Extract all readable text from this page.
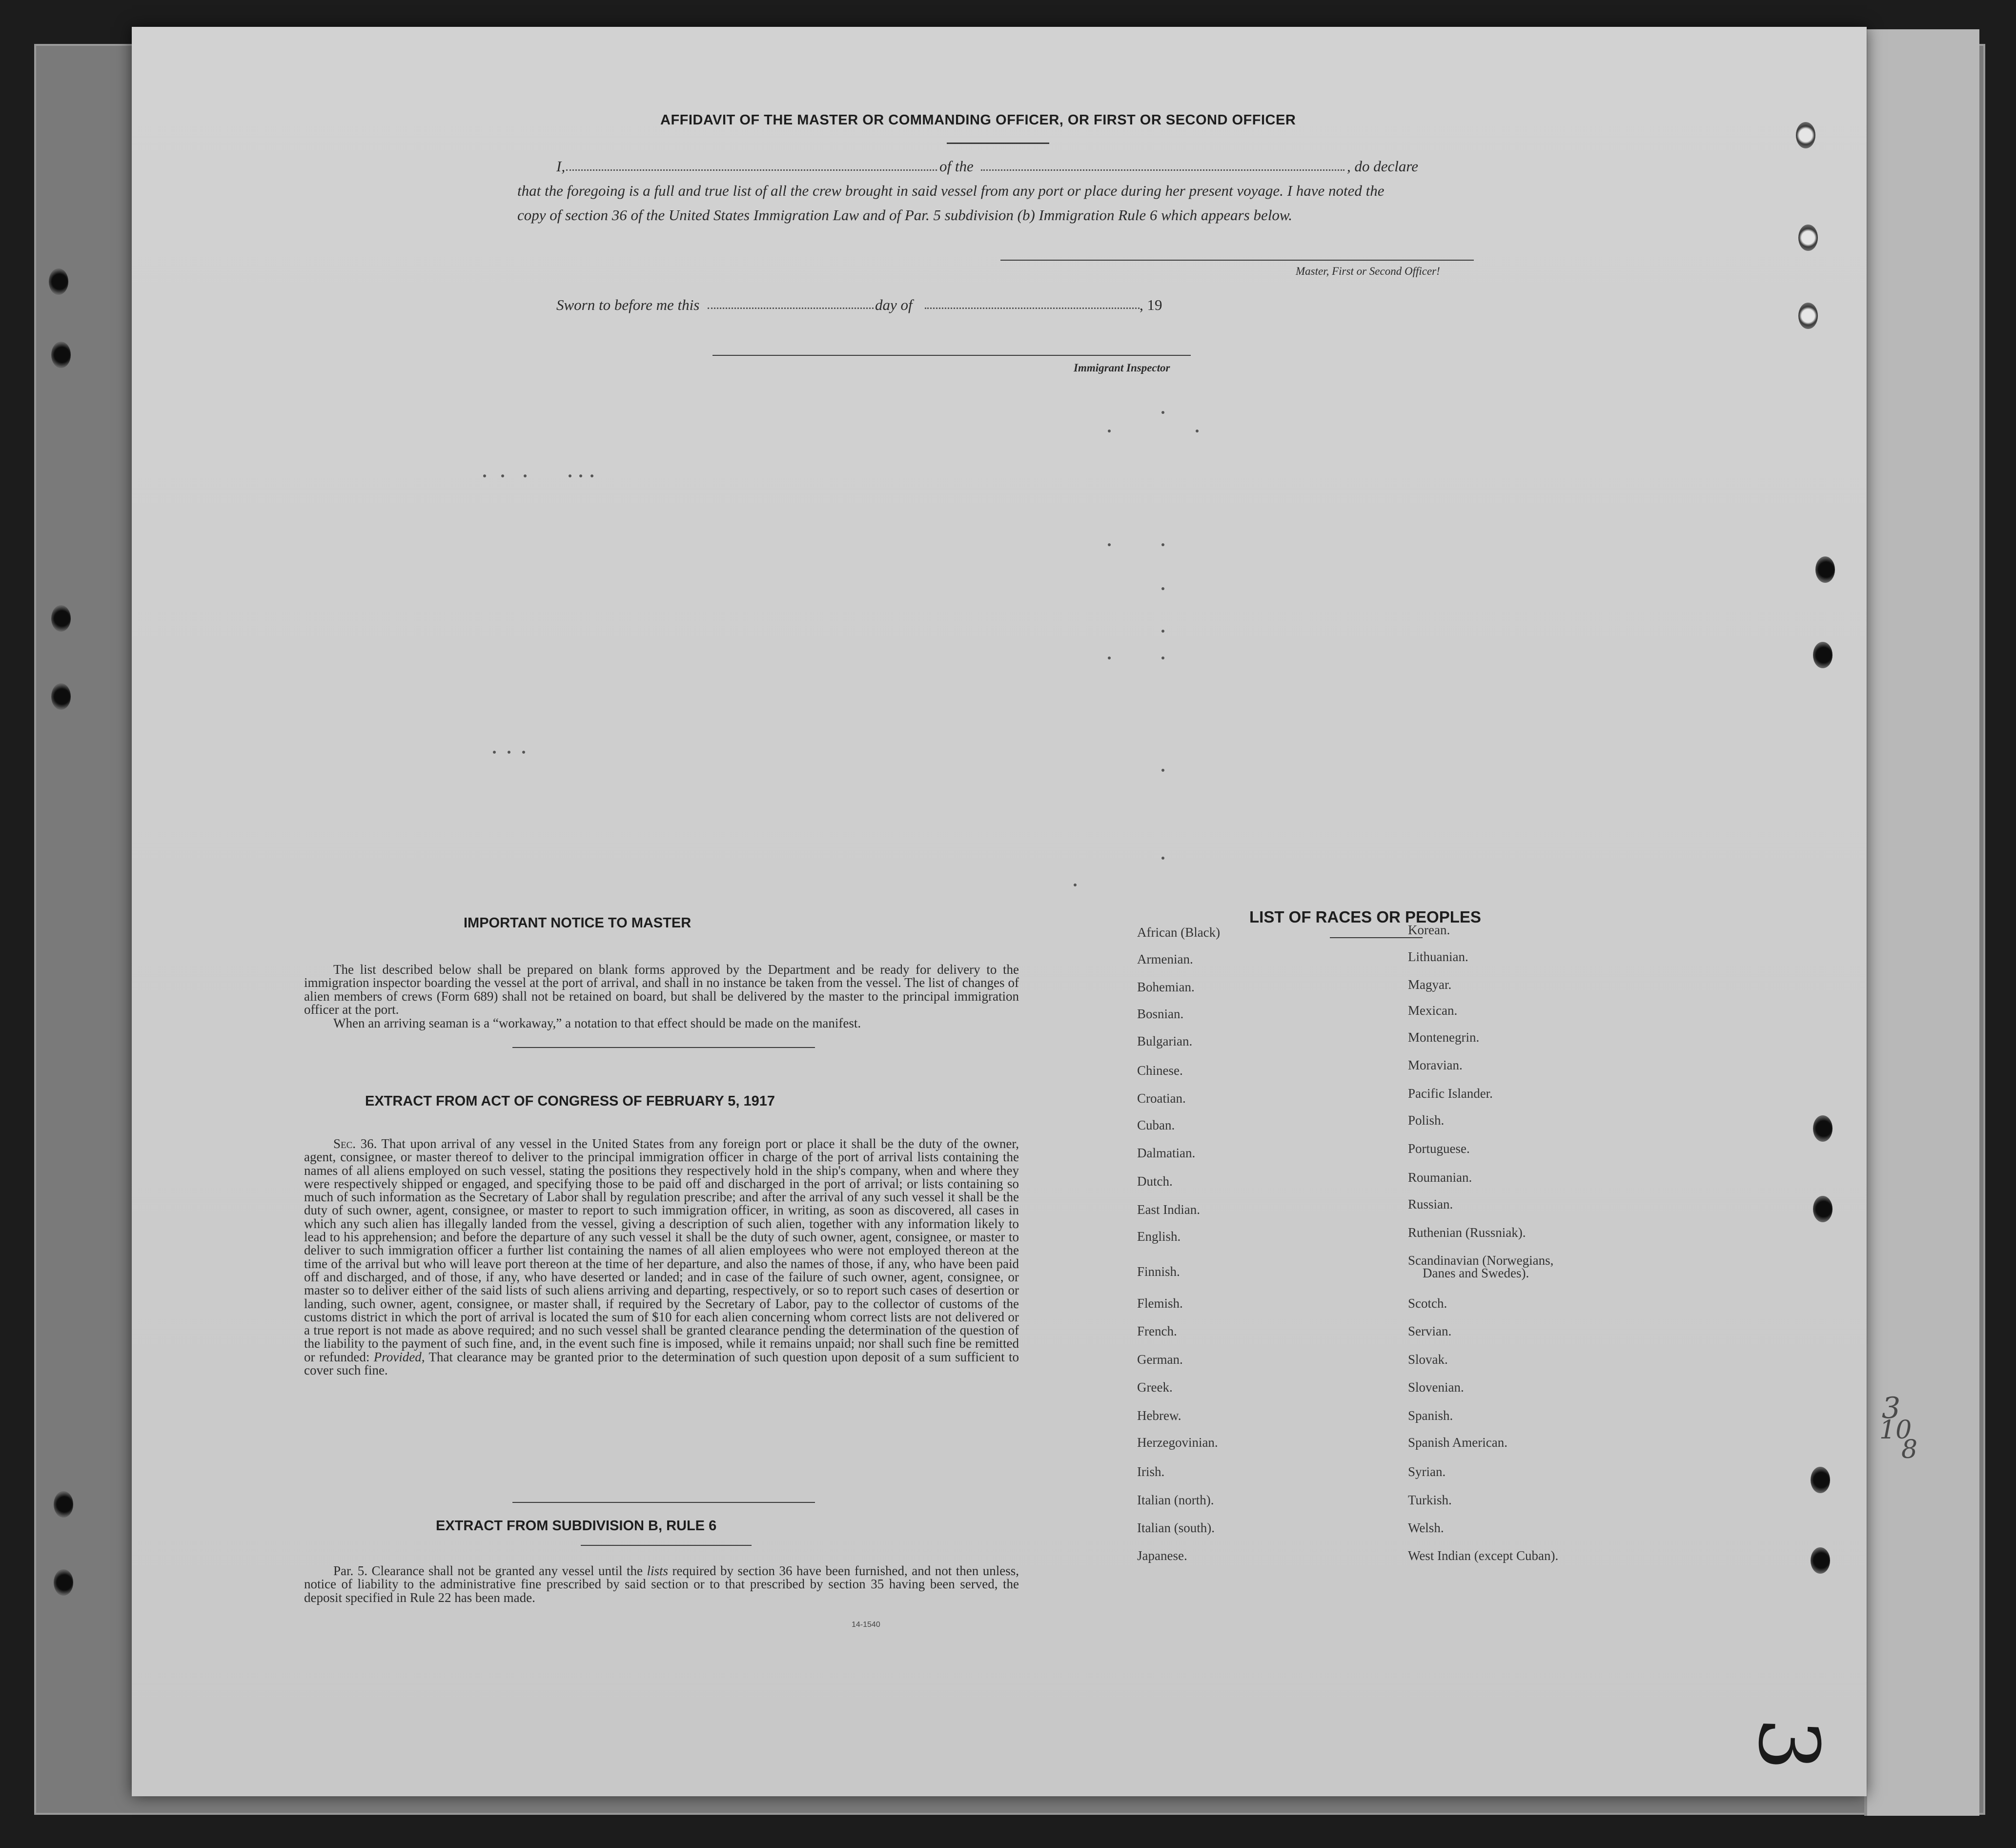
3
10
8
AFFIDAVIT OF THE MASTER OR COMMANDING OFFICER, OR FIRST OR SECOND OFFICER
I,	of the	, do declare
that the foregoing is a full and true list of all the crew brought in said vessel from any port or place during her present voyage. I have noted the
copy of section 36 of the United States Immigration Law and of Par. 5 subdivision (b) Immigration Rule 6 which appears below.
Master, First or Second Officer!
Sworn to before me this	day of	, 19
Immigrant Inspector
IMPORTANT NOTICE TO MASTER
The list described below shall be prepared on blank forms approved by the Department and be ready for delivery to the immigration inspector boarding the vessel at the port of arrival, and shall in no instance be taken from the vessel. The list of changes of alien members of crews (Form 689) shall not be retained on board, but shall be delivered by the master to the principal immigration officer at the port.
When an arriving seaman is a “workaway,” a notation to that effect should be made on the manifest.
EXTRACT FROM ACT OF CONGRESS OF FEBRUARY 5, 1917
Sec. 36. That upon arrival of any vessel in the United States from any foreign port or place it shall be the duty of the owner, agent, consignee, or master thereof to deliver to the principal immigration officer in charge of the port of arrival lists containing the names of all aliens employed on such vessel, stating the positions they respectively hold in the ship's company, when and where they were respectively shipped or engaged, and specifying those to be paid off and discharged in the port of arrival; or lists containing so much of such information as the Secretary of Labor shall by regulation prescribe; and after the arrival of any such vessel it shall be the duty of such owner, agent, consignee, or master to report to such immigration officer, in writing, as soon as discovered, all cases in which any such alien has illegally landed from the vessel, giving a description of such alien, together with any information likely to lead to his apprehension; and before the departure of any such vessel it shall be the duty of such owner, agent, consignee, or master to deliver to such immigration officer a further list containing the names of all alien employees who were not employed thereon at the time of the arrival but who will leave port thereon at the time of her departure, and also the names of those, if any, who have been paid off and discharged, and of those, if any, who have deserted or landed; and in case of the failure of such owner, agent, consignee, or master so to deliver either of the said lists of such aliens arriving and departing, respectively, or so to report such cases of desertion or landing, such owner, agent, consignee, or master shall, if required by the Secretary of Labor, pay to the collector of customs of the customs district in which the port of arrival is located the sum of $10 for each alien concerning whom correct lists are not delivered or a true report is not made as above required; and no such vessel shall be granted clearance pending the determination of the question of the liability to the payment of such fine, and, in the event such fine is imposed, while it remains unpaid; nor shall such fine be remitted or refunded: Provided, That clearance may be granted prior to the determination of such question upon deposit of a sum sufficient to cover such fine.
EXTRACT FROM SUBDIVISION B, RULE 6
Par. 5. Clearance shall not be granted any vessel until the lists required by section 36 have been furnished, and not then unless, notice of liability to the administrative fine prescribed by said section or to that prescribed by section 35 having been served, the deposit specified in Rule 22 has been made.
14-1540
LIST OF RACES OR PEOPLES
African (Black)
Armenian.
Bohemian.
Bosnian.
Bulgarian.
Chinese.
Croatian.
Cuban.
Dalmatian.
Dutch.
East Indian.
English.
Finnish.
Flemish.
French.
German.
Greek.
Hebrew.
Herzegovinian.
Irish.
Italian (north).
Italian (south).
Japanese.
Korean.
Lithuanian.
Magyar.
Mexican.
Montenegrin.
Moravian.
Pacific Islander.
Polish.
Portuguese.
Roumanian.
Russian.
Ruthenian (Russniak).
Scandinavian (Norwegians,
Danes and Swedes).
Scotch.
Servian.
Slovak.
Slovenian.
Spanish.
Spanish American.
Syrian.
Turkish.
Welsh.
West Indian (except Cuban).
3
